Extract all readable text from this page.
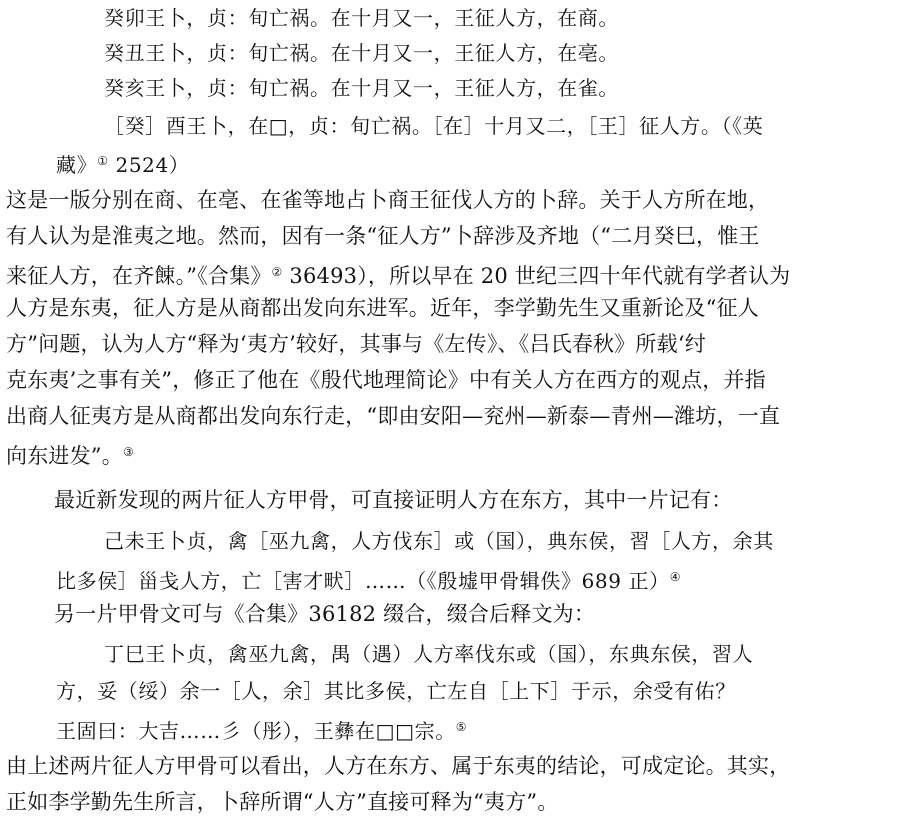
癸卯王卜，贞：旬亡祸。在十月又一，王征人方，在商。
癸丑王卜，贞：旬亡祸。在十月又一，王征人方，在亳。
癸亥王卜，贞：旬亡祸。在十月又一，王征人方，在雀。
［癸］酉王卜，在□，贞：旬亡祸。［在］十月又二，［王］征人方。（《英
藏》① 2524）
这是一版分别在商、在亳、在雀等地占卜商王征伐人方的卜辞。关于人方所在地，
有人认为是淮夷之地。然而，因有一条“征人方”卜辞涉及齐地（“二月癸巳，惟王
来征人方，在齐餗。”《合集》② 36493），所以早在 20 世纪三四十年代就有学者认为
人方是东夷，征人方是从商都出发向东进军。近年，李学勤先生又重新论及“征人
方”问题，认为人方“释为‘夷方’较好，其事与《左传》、《吕氏春秋》所载‘纣
克东夷’之事有关”，修正了他在《殷代地理简论》中有关人方在西方的观点，并指
出商人征夷方是从商都出发向东行走，“即由安阳—兖州—新泰—青州—潍坊，一直
向东进发”。③
最近新发现的两片征人方甲骨，可直接证明人方在东方，其中一片记有：
己未王卜贞，禽［巫九禽，人方伐东］或（国），典东侯，習［人方，余其
比多侯］甾戋人方，亡［害才畎］……（《殷墟甲骨辑佚》689 正）④
另一片甲骨文可与《合集》36182 缀合，缀合后释文为：
丁巳王卜贞，禽巫九禽，禺（遇）人方率伐东或（国），东典东侯，習人
方，妥（绥）余一［人，余］其比多侯，亡左自［上下］于示，余受有佑？
王固曰：大吉……彡（彤），王彝在□□宗。⑤
由上述两片征人方甲骨可以看出，人方在东方、属于东夷的结论，可成定论。其实，
正如李学勤先生所言，卜辞所谓“人方”直接可释为“夷方”。
